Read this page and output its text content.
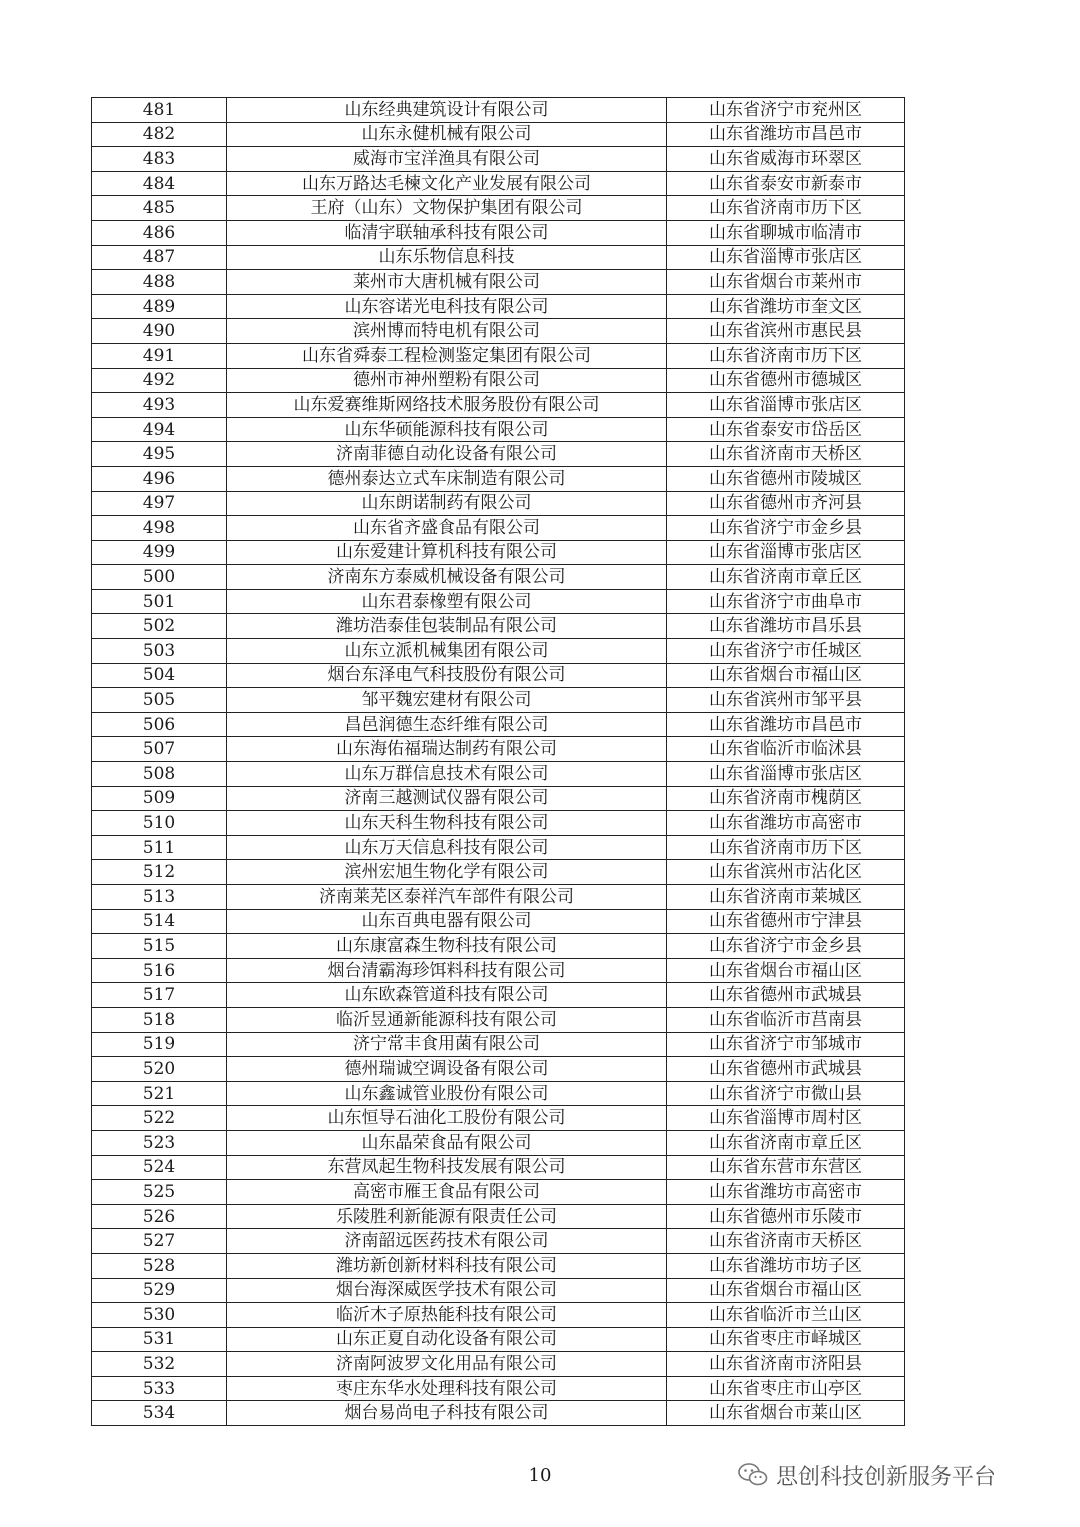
481	山东经典建筑设计有限公司	山东省济宁市兖州区
482	山东永健机械有限公司	山东省潍坊市昌邑市
483	威海市宝洋渔具有限公司	山东省威海市环翠区
484	山东万路达毛楝文化产业发展有限公司	山东省泰安市新泰市
485	王府（山东）文物保护集团有限公司	山东省济南市历下区
486	临清宇联轴承科技有限公司	山东省聊城市临清市
487	山东乐物信息科技	山东省淄博市张店区
488	莱州市大唐机械有限公司	山东省烟台市莱州市
489	山东容诺光电科技有限公司	山东省潍坊市奎文区
490	滨州博而特电机有限公司	山东省滨州市惠民县
491	山东省舜泰工程检测鉴定集团有限公司	山东省济南市历下区
492	德州市神州塑粉有限公司	山东省德州市德城区
493	山东爱赛维斯网络技术服务股份有限公司	山东省淄博市张店区
494	山东华硕能源科技有限公司	山东省泰安市岱岳区
495	济南菲德自动化设备有限公司	山东省济南市天桥区
496	德州泰达立式车床制造有限公司	山东省德州市陵城区
497	山东朗诺制药有限公司	山东省德州市齐河县
498	山东省齐盛食品有限公司	山东省济宁市金乡县
499	山东爱建计算机科技有限公司	山东省淄博市张店区
500	济南东方泰威机械设备有限公司	山东省济南市章丘区
501	山东君泰橡塑有限公司	山东省济宁市曲阜市
502	潍坊浩泰佳包装制品有限公司	山东省潍坊市昌乐县
503	山东立派机械集团有限公司	山东省济宁市任城区
504	烟台东泽电气科技股份有限公司	山东省烟台市福山区
505	邹平魏宏建材有限公司	山东省滨州市邹平县
506	昌邑润德生态纤维有限公司	山东省潍坊市昌邑市
507	山东海佑福瑞达制药有限公司	山东省临沂市临沭县
508	山东万群信息技术有限公司	山东省淄博市张店区
509	济南三越测试仪器有限公司	山东省济南市槐荫区
510	山东天科生物科技有限公司	山东省潍坊市高密市
511	山东万天信息科技有限公司	山东省济南市历下区
512	滨州宏旭生物化学有限公司	山东省滨州市沾化区
513	济南莱芜区泰祥汽车部件有限公司	山东省济南市莱城区
514	山东百典电器有限公司	山东省德州市宁津县
515	山东康富森生物科技有限公司	山东省济宁市金乡县
516	烟台清霸海珍饵料科技有限公司	山东省烟台市福山区
517	山东欧森管道科技有限公司	山东省德州市武城县
518	临沂昱通新能源科技有限公司	山东省临沂市莒南县
519	济宁常丰食用菌有限公司	山东省济宁市邹城市
520	德州瑞诚空调设备有限公司	山东省德州市武城县
521	山东鑫诚管业股份有限公司	山东省济宁市微山县
522	山东恒导石油化工股份有限公司	山东省淄博市周村区
523	山东晶荣食品有限公司	山东省济南市章丘区
524	东营凤起生物科技发展有限公司	山东省东营市东营区
525	高密市雁王食品有限公司	山东省潍坊市高密市
526	乐陵胜利新能源有限责任公司	山东省德州市乐陵市
527	济南韶远医药技术有限公司	山东省济南市天桥区
528	潍坊新创新材料科技有限公司	山东省潍坊市坊子区
529	烟台海深威医学技术有限公司	山东省烟台市福山区
530	临沂木子原热能科技有限公司	山东省临沂市兰山区
531	山东正夏自动化设备有限公司	山东省枣庄市峄城区
532	济南阿波罗文化用品有限公司	山东省济南市济阳县
533	枣庄东华水处理科技有限公司	山东省枣庄市山亭区
534	烟台易尚电子科技有限公司	山东省烟台市莱山区
10	思创科技创新服务平台
